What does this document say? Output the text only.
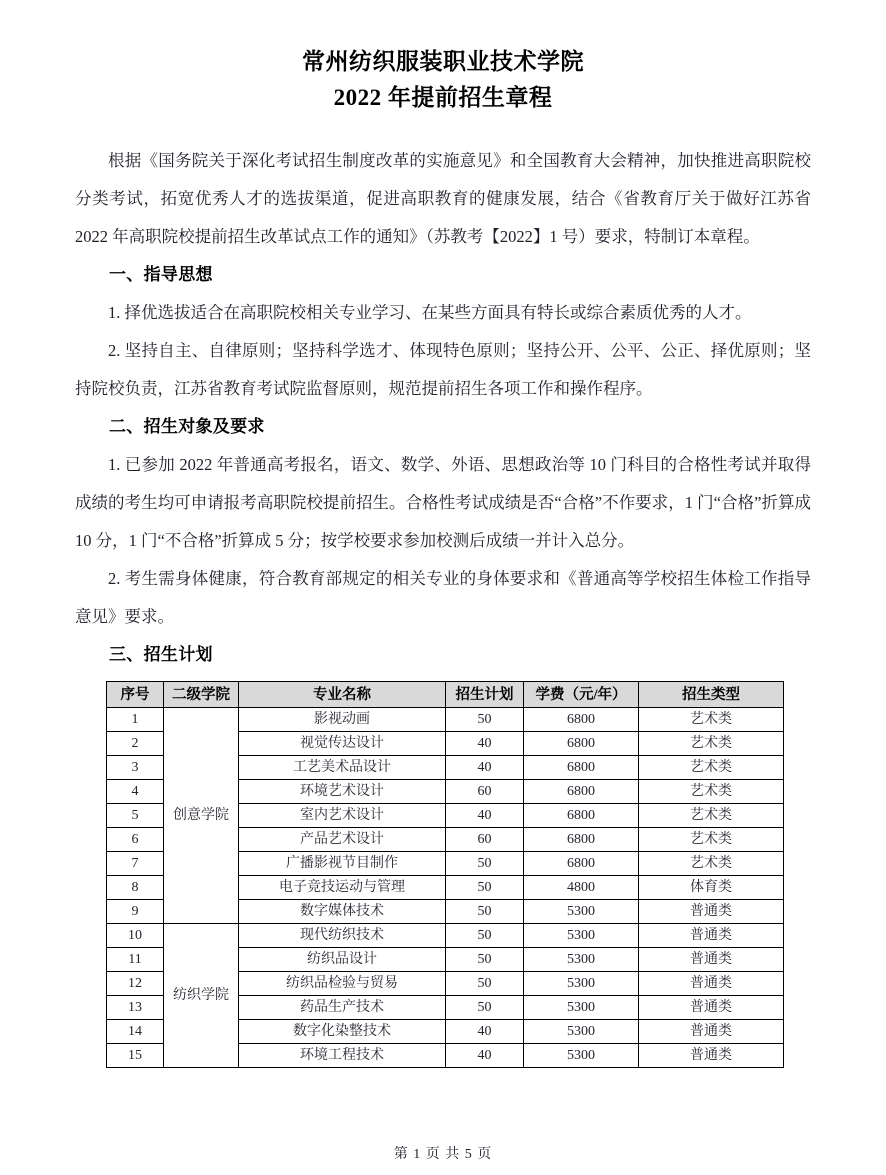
常州纺织服装职业技术学院
2022 年提前招生章程

根据《国务院关于深化考试招生制度改革的实施意见》和全国教育大会精神，加快推进高职院校分类考试，拓宽优秀人才的选拔渠道，促进高职教育的健康发展，结合《省教育厅关于做好江苏省 2022 年高职院校提前招生改革试点工作的通知》（苏教考【2022】1 号）要求，特制订本章程。

一、指导思想

1. 择优选拔适合在高职院校相关专业学习、在某些方面具有特长或综合素质优秀的人才。

2. 坚持自主、自律原则；坚持科学选才、体现特色原则；坚持公开、公平、公正、择优原则；坚持院校负责，江苏省教育考试院监督原则，规范提前招生各项工作和操作程序。

二、招生对象及要求

1. 已参加 2022 年普通高考报名，语文、数学、外语、思想政治等 10 门科目的合格性考试并取得成绩的考生均可申请报考高职院校提前招生。合格性考试成绩是否“合格”不作要求，1 门“合格”折算成 10 分，1 门“不合格”折算成 5 分；按学校要求参加校测后成绩一并计入总分。

2. 考生需身体健康，符合教育部规定的相关专业的身体要求和《普通高等学校招生体检工作指导意见》要求。

三、招生计划
序号	二级学院	专业名称	招生计划	学费（元/年）	招生类型
1	创意学院	影视动画	50	6800	艺术类
2		视觉传达设计	40	6800	艺术类
3		工艺美术品设计	40	6800	艺术类
4		环境艺术设计	60	6800	艺术类
5		室内艺术设计	40	6800	艺术类
6		产品艺术设计	60	6800	艺术类
7		广播影视节目制作	50	6800	艺术类
8		电子竞技运动与管理	50	4800	体育类
9		数字媒体技术	50	5300	普通类
10	纺织学院	现代纺织技术	50	5300	普通类
11		纺织品设计	50	5300	普通类
12		纺织品检验与贸易	50	5300	普通类
13		药品生产技术	50	5300	普通类
14		数字化染整技术	40	5300	普通类
15		环境工程技术	40	5300	普通类
第 1 页 共 5 页
